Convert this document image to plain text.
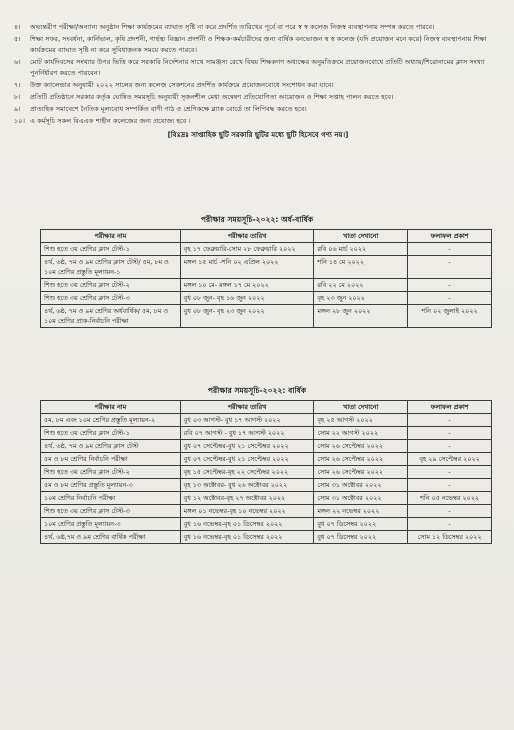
৪।	অভ্যন্তরীণ পরীক্ষা/অন্যান্য অনুষ্ঠান শিক্ষা কার্যক্রমের ব্যাঘাত সৃষ্টি না করে প্রদর্শিত তারিখের পূর্বে বা পরে স্ব স্ব কলেজ নিজস্ব ব্যবস্থাপনায় সম্পন্ন করতে পারবে।
৫।	শিক্ষা সফর, সংবর্ধনা, কার্নিভাল, কৃষি প্রদর্শনী, গার্হস্থ্য বিজ্ঞান প্রদর্শনী ও শিক্ষক-কর্মচারীদের জন্য বার্ষিক বনভোজন স্ব স্ব কলেজ (যদি প্রয়োজন মনে করে) নিজস্ব ব্যবস্থাপনায় শিক্ষা কার্যক্রমের ব্যাঘাত সৃষ্টি না করে সুবিধাজনক সময়ে করতে পারবে।
৬।	মোট কার্যদিবসের সংখ্যার উপর ভিত্তি করে সরকারি নির্দেশনার সাথে সামঞ্জস্য রেখে বিষয় শিক্ষকগণ অধ্যক্ষের অনুমতিক্রমে প্রয়োজনবোধে প্রতিটি অধ্যায়/শিরোনামের ক্লাস সংখ্যা পুনর্নির্ধারণ করতে পারবেন।
৭।	উক্ত ক্যালেন্ডার অনুযায়ী ২০২২ সালের জন্য কলেজ সেকশনের প্রদর্শিত কার্যক্রমে প্রয়োজনবোধে সংশোধন করা যাবে।
৮।	প্রতিটি প্রতিষ্ঠানে সরকার কর্তৃক ঘোষিত সময়সূচি অনুযায়ী সৃজনশীল মেধা অন্বেষণ প্রতিযোগিতা আয়োজন ও শিক্ষা সপ্তাহ পালন করতে হবে।
৯।	প্রাত্যহিক সমাবেশে নৈতিক মূল্যবোধ সম্পর্কিত বাণী পাঠ ও শ্রেণিকক্ষে ব্ল্যাক বোর্ডে তা লিপিবদ্ধ করতে হবে।
১০। এ কর্মসূচি সকল বিএএফ শাহীন কলেজের জন্য প্রযোজ্য হবে ।
[বিঃদ্রঃ সাপ্তাহিক ছুটি সরকারি ছুটির মধ্যে ছুটি হিসেবে গণ্য নয়।]
পরীক্ষার সময়সূচি-২০২২: অর্ধ-বার্ষিক
পরীক্ষার নাম	পরীক্ষার তারিখ	খাতা দেখানো	ফলাফল প্রকাশ
শিশু হতে ৩য় শ্রেণির ক্লাস টেস্ট-১	বৃহ ১৭ ফেব্রুয়ারি-সোম ২৮ ফেব্রুয়ারি ২০২২	রবি ০৬ মার্চ ২০২২	-
৪র্থ, ৬ষ্ঠ, ৭ম ও ৯ম শ্রেণির ক্লাস টেস্ট/ ৫ম, ৮ম ও ১০ম শ্রেণির প্রস্তুতি মূল্যায়ন-১	মঙ্গল ১৫ মার্চ -শনি ০২ এপ্রিল ২০২২	শনি ১৪ মে ২০২২	-
শিশু হতে ৩য় শ্রেণির ক্লাস টেস্ট-২	মঙ্গল ১০ মে- মঙ্গল ১৭ মে ২০২২	রবি ২২ মে ২০২২	-
শিশু হতে ৩য় শ্রেণির ক্লাস টেস্ট-৩	বুধ ০৮ জুন- বৃহ ১৬ জুন ২০২২	বৃহ ২৩ জুন ২০২২	-
৪র্থ, ৬ষ্ঠ, ৭ম ও ৯ম শ্রেণির অর্ধবার্ষিক/ ৫ম, ৮ম ও ১০ম শ্রেণির প্রাক-নির্বাচনি পরীক্ষা	বুধ ০৮ জুন- বৃহ ২৩ জুন ২০২২	মঙ্গল ২৮ জুন ২০২২	শনি ০২ জুলাই ২০২২
পরীক্ষার সময়সূচি-২০২২: বার্ষিক
পরীক্ষার নাম	পরীক্ষার তারিখ	খাতা দেখানো	ফলাফল প্রকাশ
৫ম, ৮ম এবং ১০ম শ্রেণির প্রস্তুতি মূল্যায়ন-২	বুধ ০৩ আগস্ট- বুধ ১৭ আগস্ট ২০২২	বৃহ ২৫ আগস্ট ২০২২	-
শিশু হতে ৩য় শ্রেণির ক্লাস টেস্ট-১	রবি ০৭ আগস্ট - বুধ ১৭ আগস্ট ২০২২	সোম ২২ আগস্ট ২০২২	-
৪র্থ, ৬ষ্ঠ, ৭ম ও ৯ম শ্রেণির ক্লাস টেস্ট	বুধ ০৭ সেপ্টেম্বর-বুধ ২১ সেপ্টেম্বর ২০২২	সোম ২৬ সেপ্টেম্বর ২০২২	-
৫ম ও ৮ম শ্রেণির নির্বাচনি পরীক্ষা	বুধ ০৭ সেপ্টেম্বর-বুধ ২১ সেপ্টেম্বর ২০২২	সোম ২৬ সেপ্টেম্বর ২০২২	বৃহ ২৯ সেপ্টেম্বর ২০২২
শিশু হতে ৩য় শ্রেণির ক্লাস টেস্ট-২	বৃহ ১৫ সেপ্টেম্বর-বৃহ ২২ সেপ্টেম্বর ২০২২	সোম ২৬ সেপ্টেম্বর ২০২২	-
৫ম ও ৮ম শ্রেণির প্রস্তুতি মূল্যায়ন-৩	বৃহ ১৩ অক্টোবর- বুধ ২৬ অক্টোবর ২০২২	সোম ৩১ অক্টোবর ২০২২	-
১০ম শ্রেণির নির্বাচনি পরীক্ষা	বুধ ১২ অক্টোবর-বৃহ ২৭ অক্টোবর ২০২২	সোম ৩১ অক্টোবর ২০২২	শনি ০৫ নভেম্বর ২০২২
শিশু হতে ৩য় শ্রেণির ক্লাস টেস্ট-৩	মঙ্গল ০১ নভেম্বর-বৃহ ১০ নভেম্বর ২০২২	মঙ্গল ২২ নভেম্বর ২০২২	-
১০ম শ্রেণির প্রস্তুতি মূল্যায়ন-৩	বুধ ১৬ নভেম্বর-বৃহ ০১ ডিসেম্বর ২০২২	বুধ ০৭ ডিসেম্বর ২০২২	-
৪র্থ, ৬ষ্ঠ,৭ম ও ৯ম শ্রেণির বার্ষিক পরীক্ষা	বুধ ১৬ নভেম্বর-বৃহ ০১ ডিসেম্বর ২০২২	বুধ ০৭ ডিসেম্বর ২০২২	সোম ১২ ডিসেম্বর ২০২২
